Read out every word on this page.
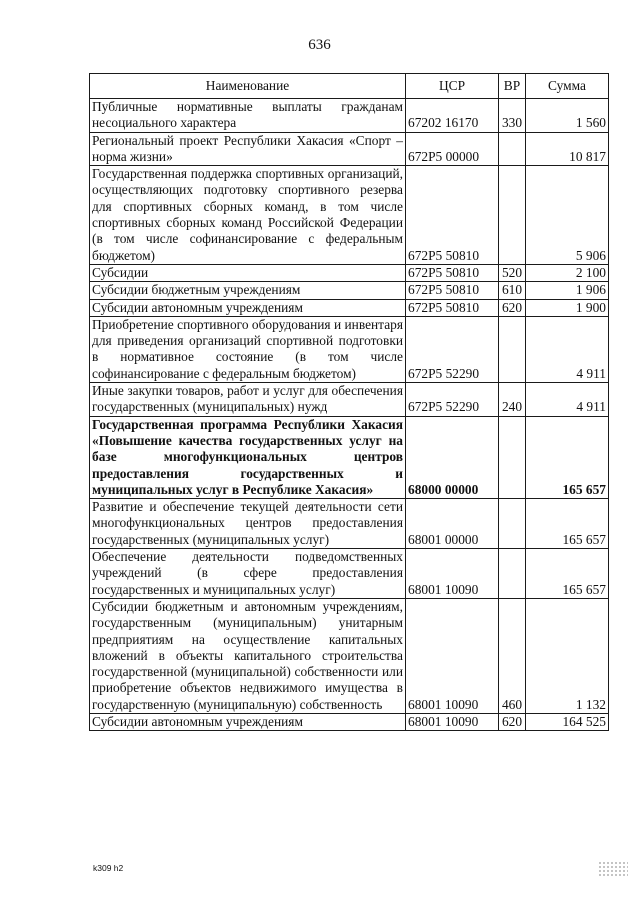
636
Наименование	ЦСР	ВР	Сумма
Публичные нормативные выплаты гражданам несоциального характера	67202 16170	330	1 560
Региональный проект Республики Хакасия «Спорт – норма жизни»	672P5 00000		10 817
Государственная поддержка спортивных организаций, осуществляющих подготовку спортивного резерва для спортивных сборных команд, в том числе спортивных сборных команд Российской Федерации (в том числе софинансирование с федеральным бюджетом)	672P5 50810		5 906
Субсидии	672P5 50810	520	2 100
Субсидии бюджетным учреждениям	672P5 50810	610	1 906
Субсидии автономным учреждениям	672P5 50810	620	1 900
Приобретение спортивного оборудования и инвентаря для приведения организаций спортивной подготовки в нормативное состояние (в том числе софинансирование с федеральным бюджетом)	672P5 52290		4 911
Иные закупки товаров, работ и услуг для обеспечения государственных (муниципальных) нужд	672P5 52290	240	4 911
Государственная программа Республики Хакасия «Повышение качества государственных услуг на базе многофункциональных центров предоставления государственных и муниципальных услуг в Республике Хакасия»	68000 00000		165 657
Развитие и обеспечение текущей деятельности сети многофункциональных центров предоставления государственных (муниципальных услуг)	68001 00000		165 657
Обеспечение деятельности подведомственных учреждений (в сфере предоставления государственных и муниципальных услуг)	68001 10090		165 657
Субсидии бюджетным и автономным учреждениям, государственным (муниципальным) унитарным предприятиям на осуществление капитальных вложений в объекты капитального строительства государственной (муниципальной) собственности или приобретение объектов недвижимого имущества в государственную (муниципальную) собственность	68001 10090	460	1 132
Субсидии автономным учреждениям	68001 10090	620	164 525
k309 h2
